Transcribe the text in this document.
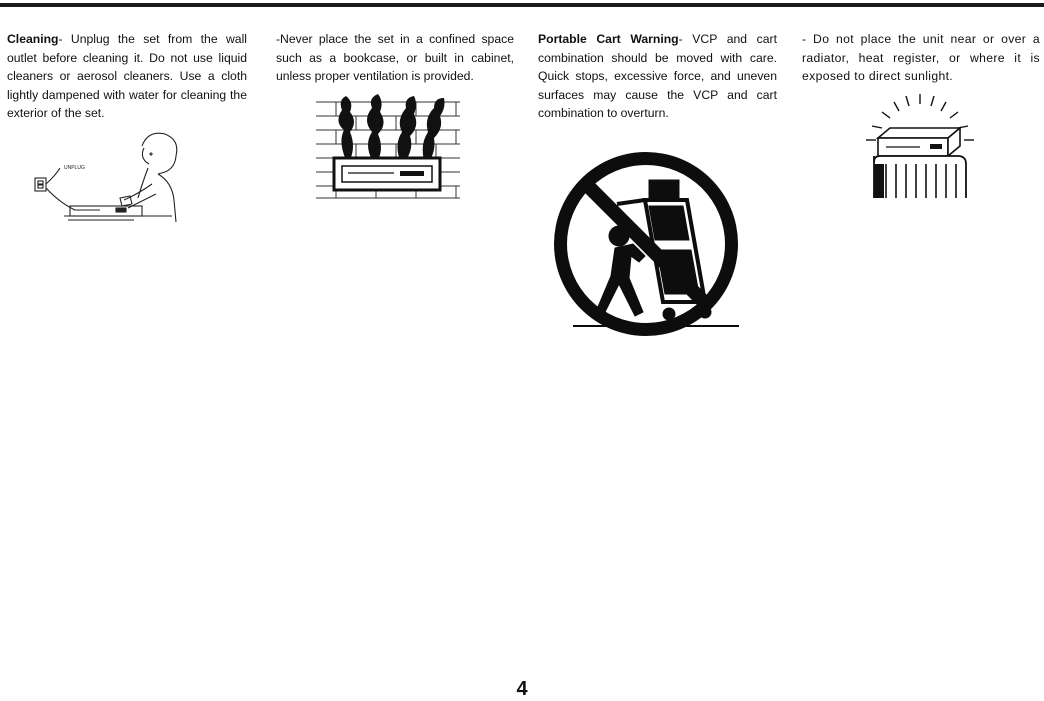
Cleaning- Unplug the set from the wall outlet before cleaning it. Do not use liquid cleaners or aerosol cleaners. Use a cloth lightly dampened with water for cleaning the exterior of the set.
-Never place the set in a confined space such as a bookcase, or built in cabinet, unless proper ventilation is provided.
Portable Cart Warning- VCP and cart combination should be moved with care. Quick stops, excessive force, and uneven surfaces may cause the VCP and cart combination to overturn.
- Do not place the unit near or over a radiator, heat register, or where it is exposed to direct sunlight.
UNPLUG
4
